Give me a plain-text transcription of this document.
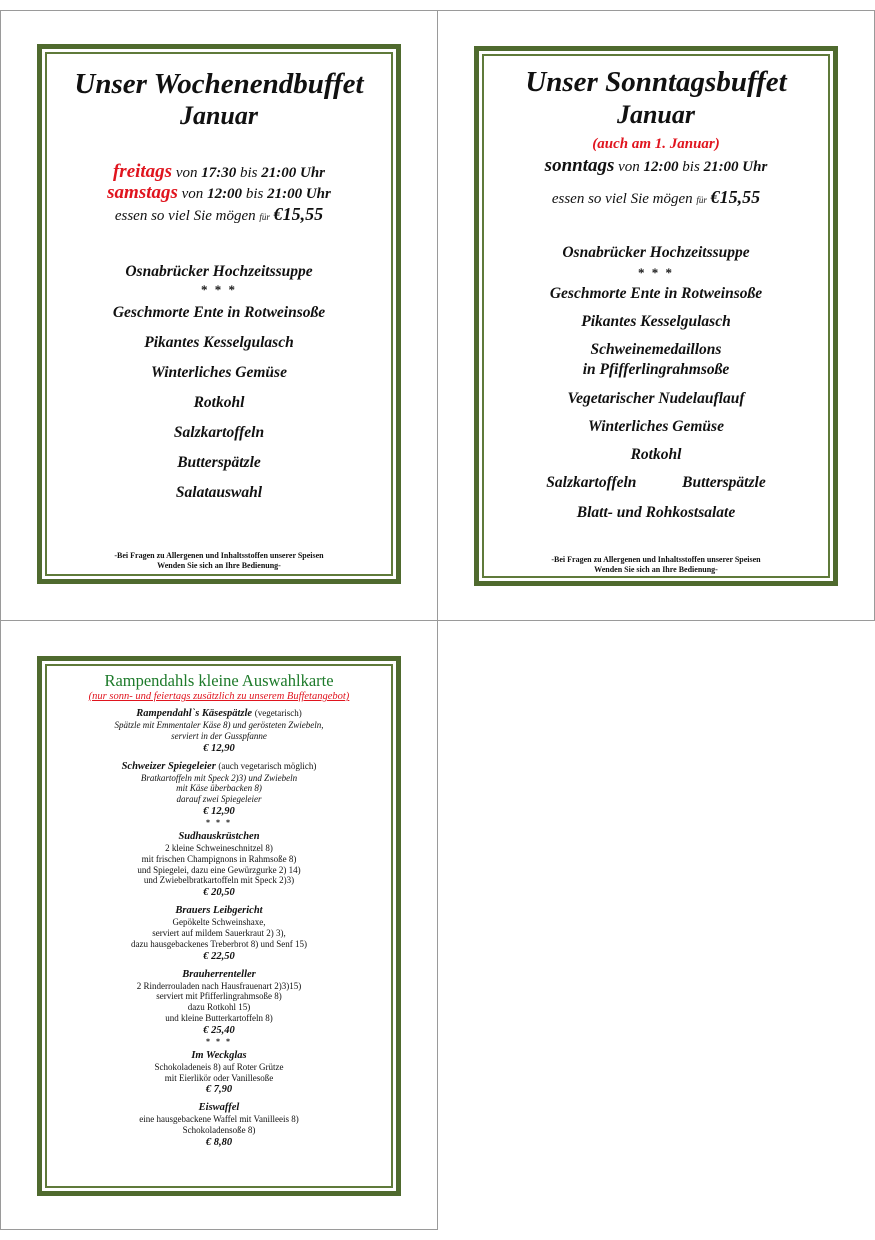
Unser Wochenendbuffet
Januar
freitags von 17:30 bis 21:00 Uhr
samstags von 12:00 bis 21:00 Uhr
essen so viel Sie mögen für €15,55
Osnabrücker Hochzeitssuppe
* * *
Geschmorte Ente in Rotweinsoße
Pikantes Kesselgulasch
Winterliches Gemüse
Rotkohl
Salzkartoffeln
Butterspätzle
Salatauswahl
-Bei Fragen zu Allergenen und Inhaltsstoffen unserer Speisen
Wenden Sie sich an Ihre Bedienung-
Unser Sonntagsbuffet
Januar
(auch am 1. Januar)
sonntags von 12:00 bis 21:00 Uhr
essen so viel Sie mögen für €15,55
Osnabrücker Hochzeitssuppe
* * *
Geschmorte Ente in Rotweinsoße
Pikantes Kesselgulasch
Schweinemedaillons
in Pfifferlingrahmsoße
Vegetarischer Nudelauflauf
Winterliches Gemüse
Rotkohl
Salzkartoffeln	Butterspätzle
Blatt- und Rohkostsalate
-Bei Fragen zu Allergenen und Inhaltsstoffen unserer Speisen
Wenden Sie sich an Ihre Bedienung-
Rampendahls kleine Auswahlkarte
(nur sonn- und feiertags zusätzlich zu unserem Buffetangebot)
Rampendahl`s Käsespätzle (vegetarisch)
Spätzle mit Emmentaler Käse 8) und gerösteten Zwiebeln,
serviert in der Gusspfanne
€ 12,90
Schweizer Spiegeleier (auch vegetarisch möglich)
Bratkartoffeln mit Speck 2)3) und Zwiebeln
mit Käse überbacken 8)
darauf zwei Spiegeleier
€ 12,90
* * *
Sudhauskrüstchen
2 kleine Schweineschnitzel 8)
mit frischen Champignons in Rahmsoße 8)
und Spiegelei, dazu eine Gewürzgurke 2) 14)
und Zwiebelbratkartoffeln mit Speck 2)3)
€ 20,50
Brauers Leibgericht
Gepökelte Schweinshaxe,
serviert auf mildem Sauerkraut 2) 3),
dazu hausgebackenes Treberbrot 8) und Senf 15)
€ 22,50
Brauherrenteller
2 Rinderrouladen nach Hausfrauenart 2)3)15)
serviert mit Pfifferlingrahmsoße 8)
dazu Rotkohl 15)
und kleine Butterkartoffeln 8)
€ 25,40
* * *
Im Weckglas
Schokoladeneis 8) auf Roter Grütze
mit Eierlikör oder Vanillesoße
€ 7,90
Eiswaffel
eine hausgebackene Waffel mit Vanilleeis 8)
Schokoladensoße 8)
€ 8,80
